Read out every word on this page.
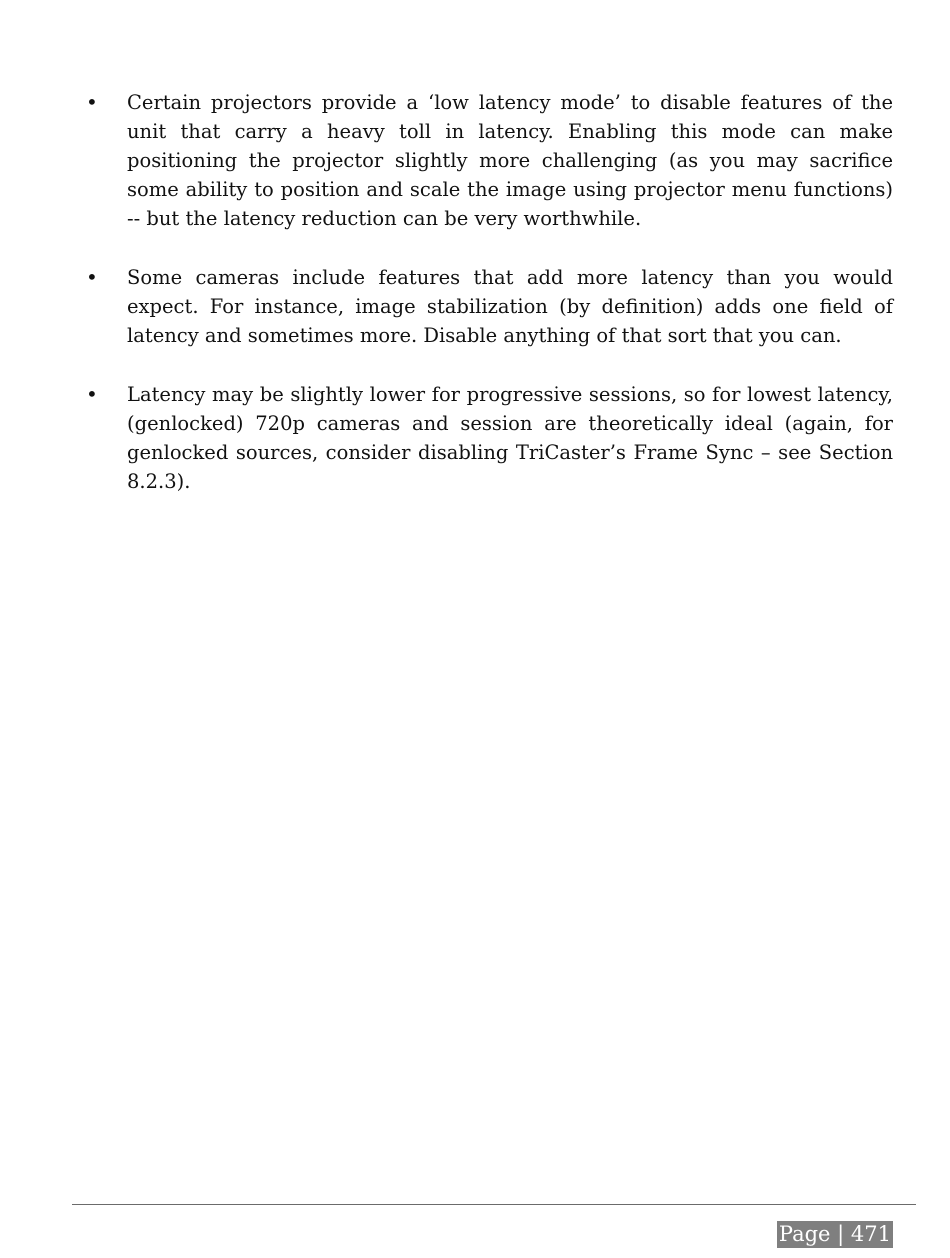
• Certain projectors provide a ‘low latency mode’ to disable features of the unit that carry a heavy toll in latency. Enabling this mode can make positioning the projector slightly more challenging (as you may sacrifice some ability to position and scale the image using projector menu functions) -- but the latency reduction can be very worthwhile.
• Some cameras include features that add more latency than you would expect. For instance, image stabilization (by definition) adds one field of latency and sometimes more. Disable anything of that sort that you can.
• Latency may be slightly lower for progressive sessions, so for lowest latency, (genlocked) 720p cameras and session are theoretically ideal (again, for genlocked sources, consider disabling TriCaster’s Frame Sync – see Section 8.2.3).
Page | 471
